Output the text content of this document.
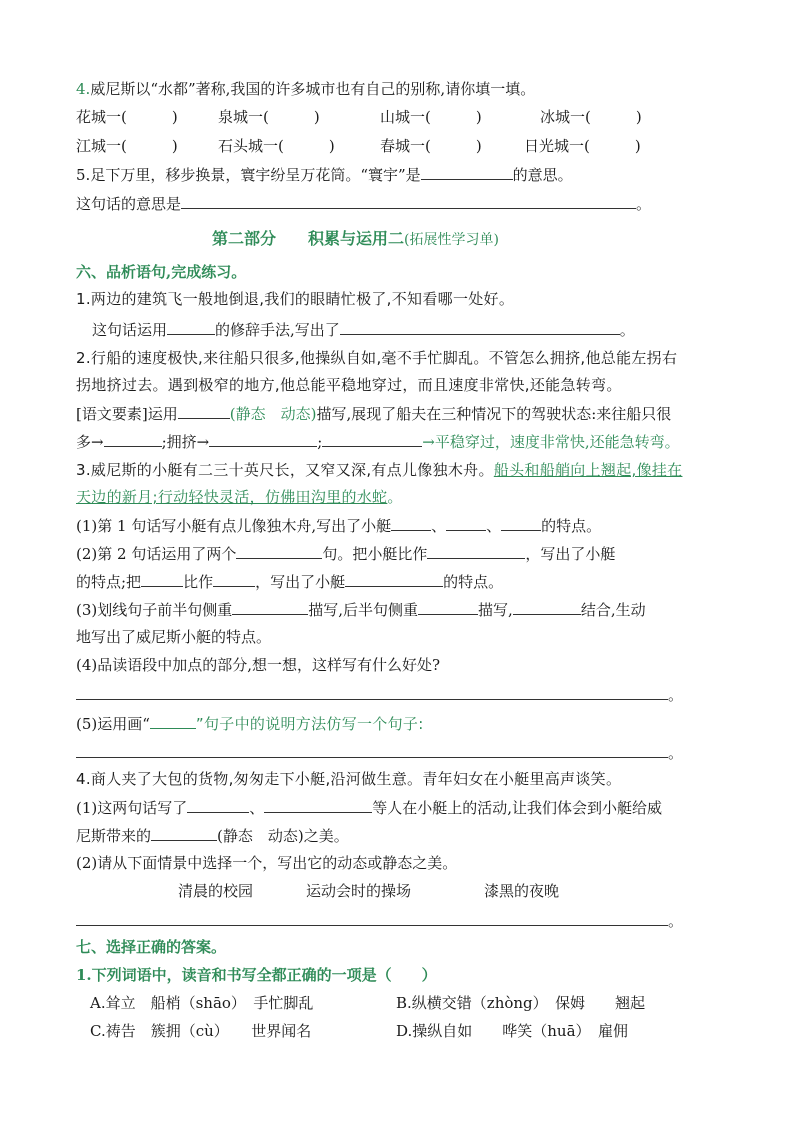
4.威尼斯以“水都”著称,我国的许多城市也有自己的别称,请你填一填。
花城一(　　　)	泉城一(　　　)	山城一(　　　)	冰城一(　　　)
江城一(　　　)	石头城一(　　　)	春城一(　　　)	日光城一(　　　)
5.足下万里，移步换景，寰宇纷呈万花筒。“寰宇”是	的意思。
这句话的意思是	。
第二部分　　积累与运用二(拓展性学习单)
六、品析语句,完成练习。
1.两边的建筑飞一般地倒退,我们的眼睛忙极了,不知看哪一处好。
这句话运用	的修辞手法,写出了	。
2.行船的速度极快,来往船只很多,他操纵自如,毫不手忙脚乱。不管怎么拥挤,他总能左拐右
拐地挤过去。遇到极窄的地方,他总能平稳地穿过，而且速度非常快,还能急转弯。
[语文要素]运用	(静态　动态)描写,展现了船夫在三种情况下的驾驶状态:来往船只很
多→	;拥挤→	;	→平稳穿过，速度非常快,还能急转弯。
3.威尼斯的小艇有二三十英尺长，又窄又深,有点儿像独木舟。船头和船艄向上翘起,像挂在
天边的新月;行动轻快灵活，仿佛田沟里的水蛇。
(1)第 1 句话写小艇有点儿像独木舟,写出了小艇	、	、	的特点。
(2)第 2 句话运用了两个	句。把小艇比作	，写出了小艇
的特点;把	比作	，写出了小艇	的特点。
(3)划线句子前半句侧重	描写,后半句侧重	描写,	结合,生动
地写出了威尼斯小艇的特点。
(4)品读语段中加点的部分,想一想，这样写有什么好处?
。
(5)运用画“	”句子中的说明方法仿写一个句子:
。
4.商人夹了大包的货物,匆匆走下小艇,沿河做生意。青年妇女在小艇里高声谈笑。
(1)这两句话写了	、	等人在小艇上的活动,让我们体会到小艇给威
尼斯带来的	(静态　动态)之美。
(2)请从下面情景中选择一个，写出它的动态或静态之美。
清晨的校园	运动会时的操场	漆黑的夜晚
。
七、选择正确的答案。
1.下列词语中，读音和书写全都正确的一项是（　　）
A.耸立　船梢（shāo）　手忙脚乱	B.纵横交错（zhòng）　保姆　　翘起
C.祷告　簇拥（cù）　　世界闻名	D.操纵自如　　哗笑（huā）　雇佣
